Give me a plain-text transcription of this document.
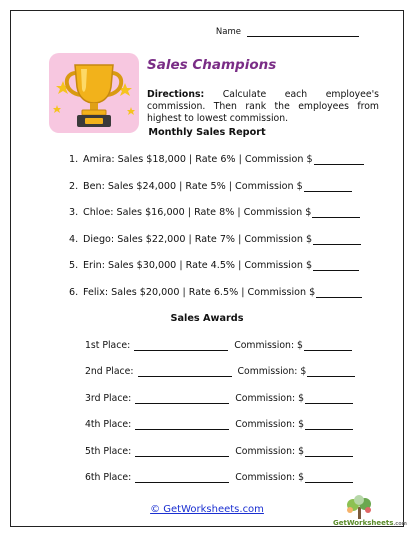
Name
Sales Champions
Directions: Calculate each employee's commission. Then rank the employees from highest to lowest commission.
Monthly Sales Report
1. Amira: Sales $18,000 | Rate 6% | Commission $
2. Ben: Sales $24,000 | Rate 5% | Commission $
3. Chloe: Sales $16,000 | Rate 8% | Commission $
4. Diego: Sales $22,000 | Rate 7% | Commission $
5. Erin: Sales $30,000 | Rate 4.5% | Commission $
6. Felix: Sales $20,000 | Rate 6.5% | Commission $
Sales Awards
1st Place:	Commission: $
2nd Place:	Commission: $
3rd Place:	Commission: $
4th Place:	Commission: $
5th Place:	Commission: $
6th Place:	Commission: $
© GetWorksheets.com
GetWorksheets.com
